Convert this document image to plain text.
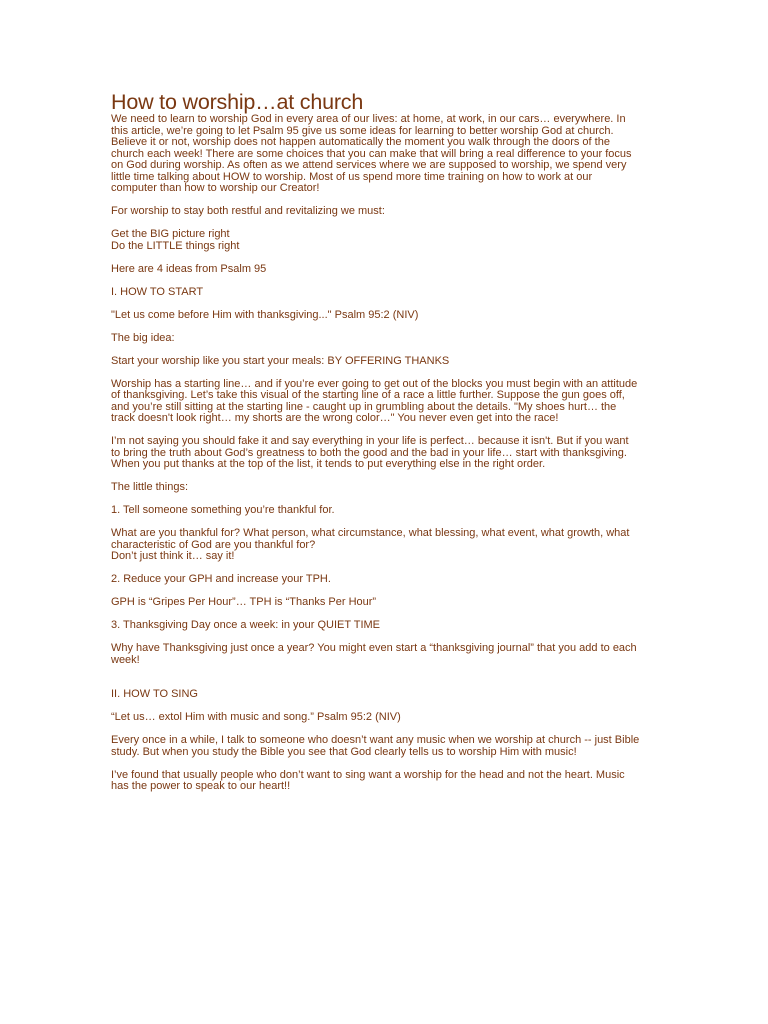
How to worship…at church
We need to learn to worship God in every area of our lives: at home, at work, in our cars… everywhere. In
this article, we’re going to let Psalm 95 give us some ideas for learning to better worship God at church.
Believe it or not, worship does not happen automatically the moment you walk through the doors of the
church each week! There are some choices that you can make that will bring a real difference to your focus
on God during worship. As often as we attend services where we are supposed to worship, we spend very
little time talking about HOW to worship. Most of us spend more time training on how to work at our
computer than how to worship our Creator!
For worship to stay both restful and revitalizing we must:
Get the BIG picture right
Do the LITTLE things right
Here are 4 ideas from Psalm 95
I. HOW TO START
"Let us come before Him with thanksgiving..." Psalm 95:2 (NIV)
The big idea:
Start your worship like you start your meals: BY OFFERING THANKS
Worship has a starting line… and if you’re ever going to get out of the blocks you must begin with an attitude
of thanksgiving. Let’s take this visual of the starting line of a race a little further. Suppose the gun goes off,
and you’re still sitting at the starting line - caught up in grumbling about the details. "My shoes hurt… the
track doesn't look right… my shorts are the wrong color…" You never even get into the race!
I’m not saying you should fake it and say everything in your life is perfect… because it isn't. But if you want
to bring the truth about God’s greatness to both the good and the bad in your life… start with thanksgiving.
When you put thanks at the top of the list, it tends to put everything else in the right order.
The little things:
1. Tell someone something you’re thankful for.
What are you thankful for? What person, what circumstance, what blessing, what event, what growth, what
characteristic of God are you thankful for?
Don’t just think it… say it!
2. Reduce your GPH and increase your TPH.
GPH is “Gripes Per Hour”… TPH is “Thanks Per Hour”
3. Thanksgiving Day once a week: in your QUIET TIME
Why have Thanksgiving just once a year? You might even start a “thanksgiving journal” that you add to each
week!
II. HOW TO SING
“Let us… extol Him with music and song.” Psalm 95:2 (NIV)
Every once in a while, I talk to someone who doesn’t want any music when we worship at church -- just Bible
study. But when you study the Bible you see that God clearly tells us to worship Him with music!
I’ve found that usually people who don’t want to sing want a worship for the head and not the heart. Music
has the power to speak to our heart!!
